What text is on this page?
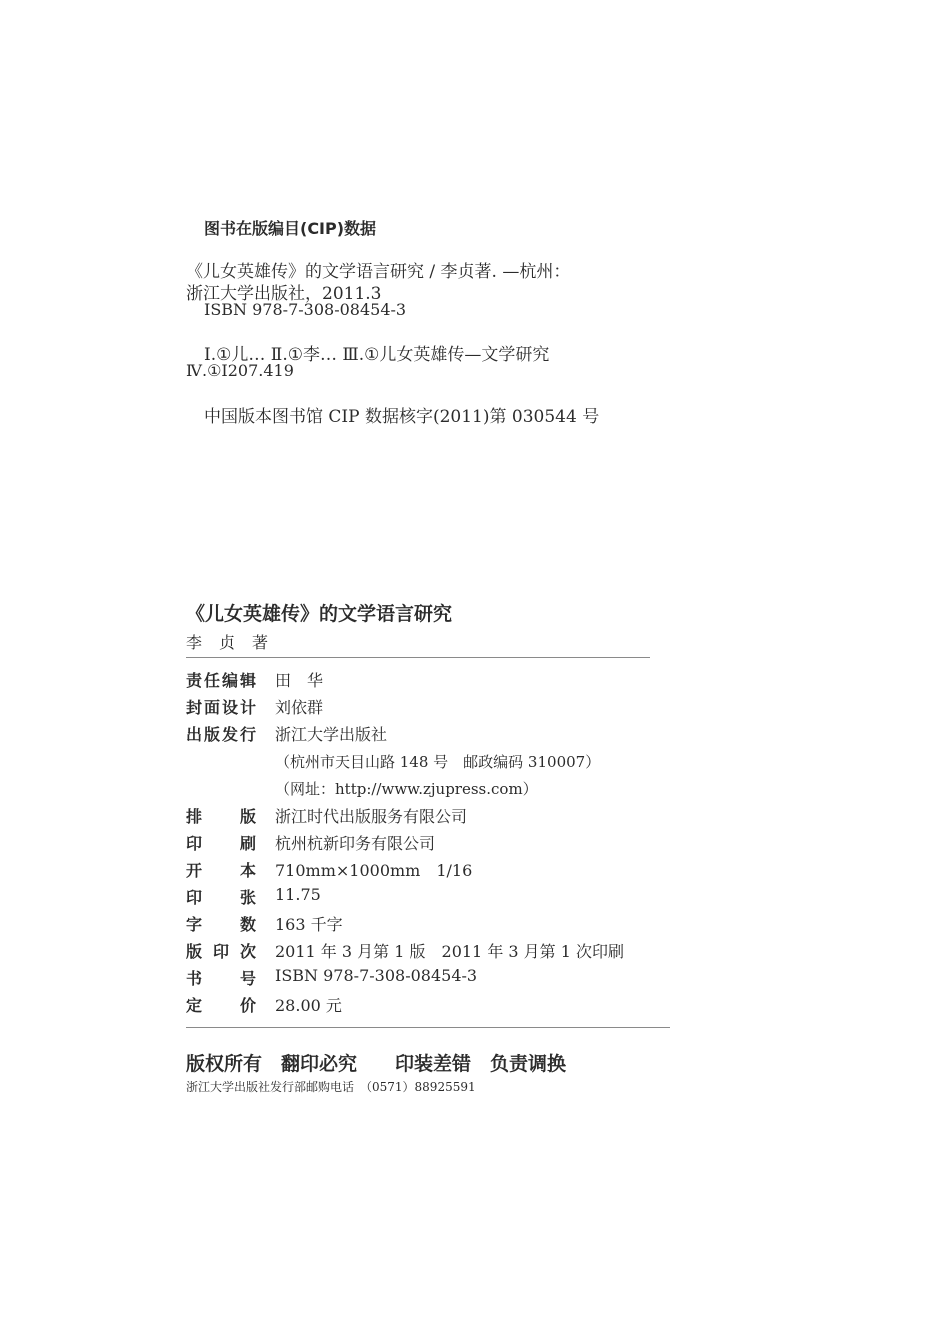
图书在版编目(CIP)数据
《儿女英雄传》的文学语言研究 / 李贞著. —杭州：
浙江大学出版社，2011.3
ISBN 978-7-308-08454-3
Ⅰ.①儿… Ⅱ.①李… Ⅲ.①儿女英雄传—文学研究
Ⅳ.①I207.419
中国版本图书馆 CIP 数据核字(2011)第 030544 号
《儿女英雄传》的文学语言研究
李贞著
责任编辑 田　华
封面设计 刘依群
出版发行 浙江大学出版社
（杭州市天目山路 148 号　邮政编码 310007）
（网址：http://www.zjupress.com）
排版 浙江时代出版服务有限公司
印刷 杭州杭新印务有限公司
开本 710mm×1000mm　1/16
印张 11.75
字数 163 千字
版印次 2011 年 3 月第 1 版　2011 年 3 月第 1 次印刷
书号 ISBN 978-7-308-08454-3
定价 28.00 元
版权所有　翻印必究　　印装差错　负责调换
浙江大学出版社发行部邮购电话　（0571）88925591
